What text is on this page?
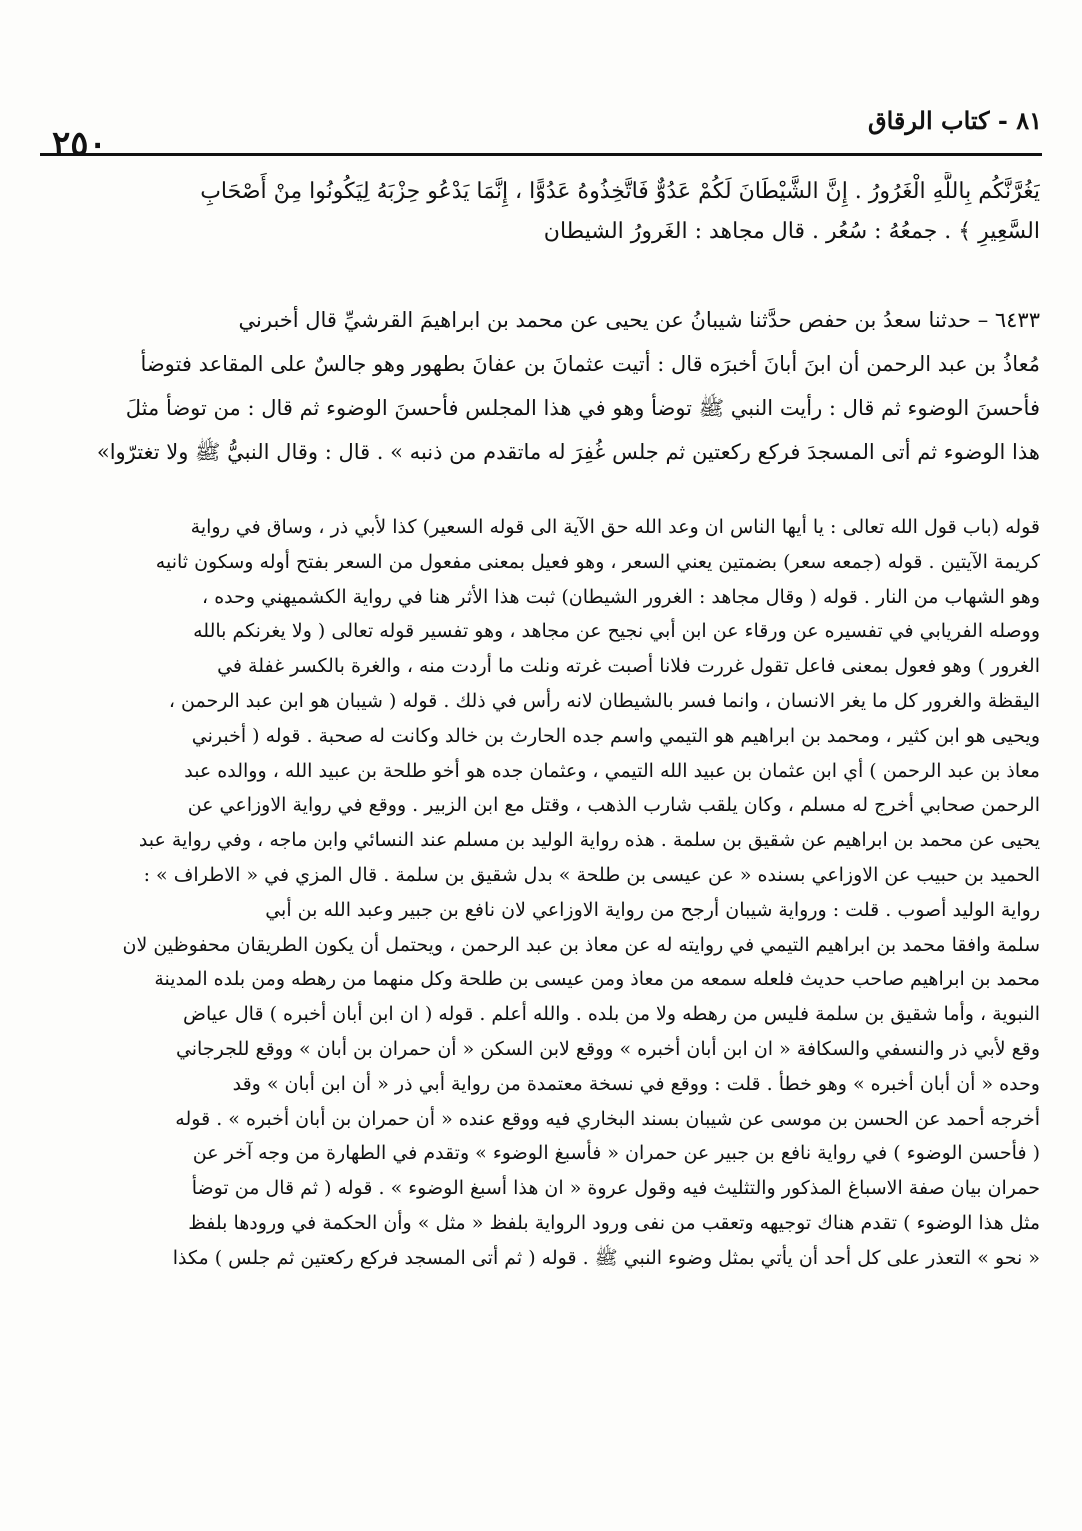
٨١ - كتاب الرقاق
٢٥٠
يَغُرَّنَّكُم بِاللَّهِ الْغَرُورُ . إِنَّ الشَّيْطَانَ لَكُمْ عَدُوٌّ فَاتَّخِذُوهُ عَدُوًّا ، إِنَّمَا يَدْعُو حِزْبَهُ لِيَكُونُوا مِنْ أَصْحَابِ
السَّعِيرِ ﴾ . جمعُهُ : سُعُر . قال مجاهد : الغَرورُ الشيطان
٦٤٣٣ – حدثنا سعدُ بن حفص حدَّثنا شيبانُ عن يحيى عن محمد بن ابراهيمَ القرشيِّ قال أخبرني
مُعاذُ بن عبد الرحمن أن ابنَ أبانَ أخبرَه قال : أتيت عثمانَ بن عفانَ بطهور وهو جالسٌ على المقاعد فتوضأ
فأحسنَ الوضوء ثم قال : رأيت النبي ﷺ توضأ وهو في هذا المجلس فأحسنَ الوضوء ثم قال : من توضأ مثلَ
هذا الوضوء ثم أتى المسجدَ فركع ركعتين ثم جلس غُفِرَ له ماتقدم من ذنبه » . قال : وقال النبيُّ ﷺ ولا تغترّوا»
قوله (باب قول الله تعالى : يا أيها الناس ان وعد الله حق الآية الى قوله السعير) كذا لأبي ذر ، وساق في رواية
كريمة الآيتين . قوله (جمعه سعر) بضمتين يعني السعر ، وهو فعيل بمعنى مفعول من السعر بفتح أوله وسكون ثانيه
وهو الشهاب من النار . قوله ( وقال مجاهد : الغرور الشيطان) ثبت هذا الأثر هنا في رواية الكشميهني وحده ،
ووصله الفريابي في تفسيره عن ورقاء عن ابن أبي نجيح عن مجاهد ، وهو تفسير قوله تعالى ( ولا يغرنكم بالله
الغرور ) وهو فعول بمعنى فاعل تقول غررت فلانا أصبت غرته ونلت ما أردت منه ، والغرة بالكسر غفلة في
اليقظة والغرور كل ما يغر الانسان ، وانما فسر بالشيطان لانه رأس في ذلك . قوله ( شيبان هو ابن عبد الرحمن ،
ويحيى هو ابن كثير ، ومحمد بن ابراهيم هو التيمي واسم جده الحارث بن خالد وكانت له صحبة . قوله ( أخبرني
معاذ بن عبد الرحمن ) أي ابن عثمان بن عبيد الله التيمي ، وعثمان جده هو أخو طلحة بن عبيد الله ، ووالده عبد
الرحمن صحابي أخرج له مسلم ، وكان يلقب شارب الذهب ، وقتل مع ابن الزبير . ووقع في رواية الاوزاعي عن
يحيى عن محمد بن ابراهيم عن شقيق بن سلمة . هذه رواية الوليد بن مسلم عند النسائي وابن ماجه ، وفي رواية عبد
الحميد بن حبيب عن الاوزاعي بسنده « عن عيسى بن طلحة » بدل شقيق بن سلمة . قال المزي في « الاطراف » :
رواية الوليد أصوب . قلت : ورواية شيبان أرجح من رواية الاوزاعي لان نافع بن جبير وعبد الله بن أبي
سلمة وافقا محمد بن ابراهيم التيمي في روايته له عن معاذ بن عبد الرحمن ، ويحتمل أن يكون الطريقان محفوظين لان
محمد بن ابراهيم صاحب حديث فلعله سمعه من معاذ ومن عيسى بن طلحة وكل منهما من رهطه ومن بلده المدينة
النبوية ، وأما شقيق بن سلمة فليس من رهطه ولا من بلده . والله أعلم . قوله ( ان ابن أبان أخبره ) قال عياض
وقع لأبي ذر والنسفي والسكافة « ان ابن أبان أخبره » ووقع لابن السكن « أن حمران بن أبان » ووقع للجرجاني
وحده « أن أبان أخبره » وهو خطأ . قلت : ووقع في نسخة معتمدة من رواية أبي ذر « أن ابن أبان » وقد
أخرجه أحمد عن الحسن بن موسى عن شيبان بسند البخاري فيه ووقع عنده « أن حمران بن أبان أخبره » . قوله
( فأحسن الوضوء ) في رواية نافع بن جبير عن حمران « فأسبغ الوضوء » وتقدم في الطهارة من وجه آخر عن
حمران بيان صفة الاسباغ المذكور والتثليث فيه وقول عروة « ان هذا أسبغ الوضوء » . قوله ( ثم قال من توضأ
مثل هذا الوضوء ) تقدم هناك توجيهه وتعقب من نفى ورود الرواية بلفظ « مثل » وأن الحكمة في ورودها بلفظ
« نحو » التعذر على كل أحد أن يأتي بمثل وضوء النبي ﷺ . قوله ( ثم أتى المسجد فركع ركعتين ثم جلس ) مكذا
